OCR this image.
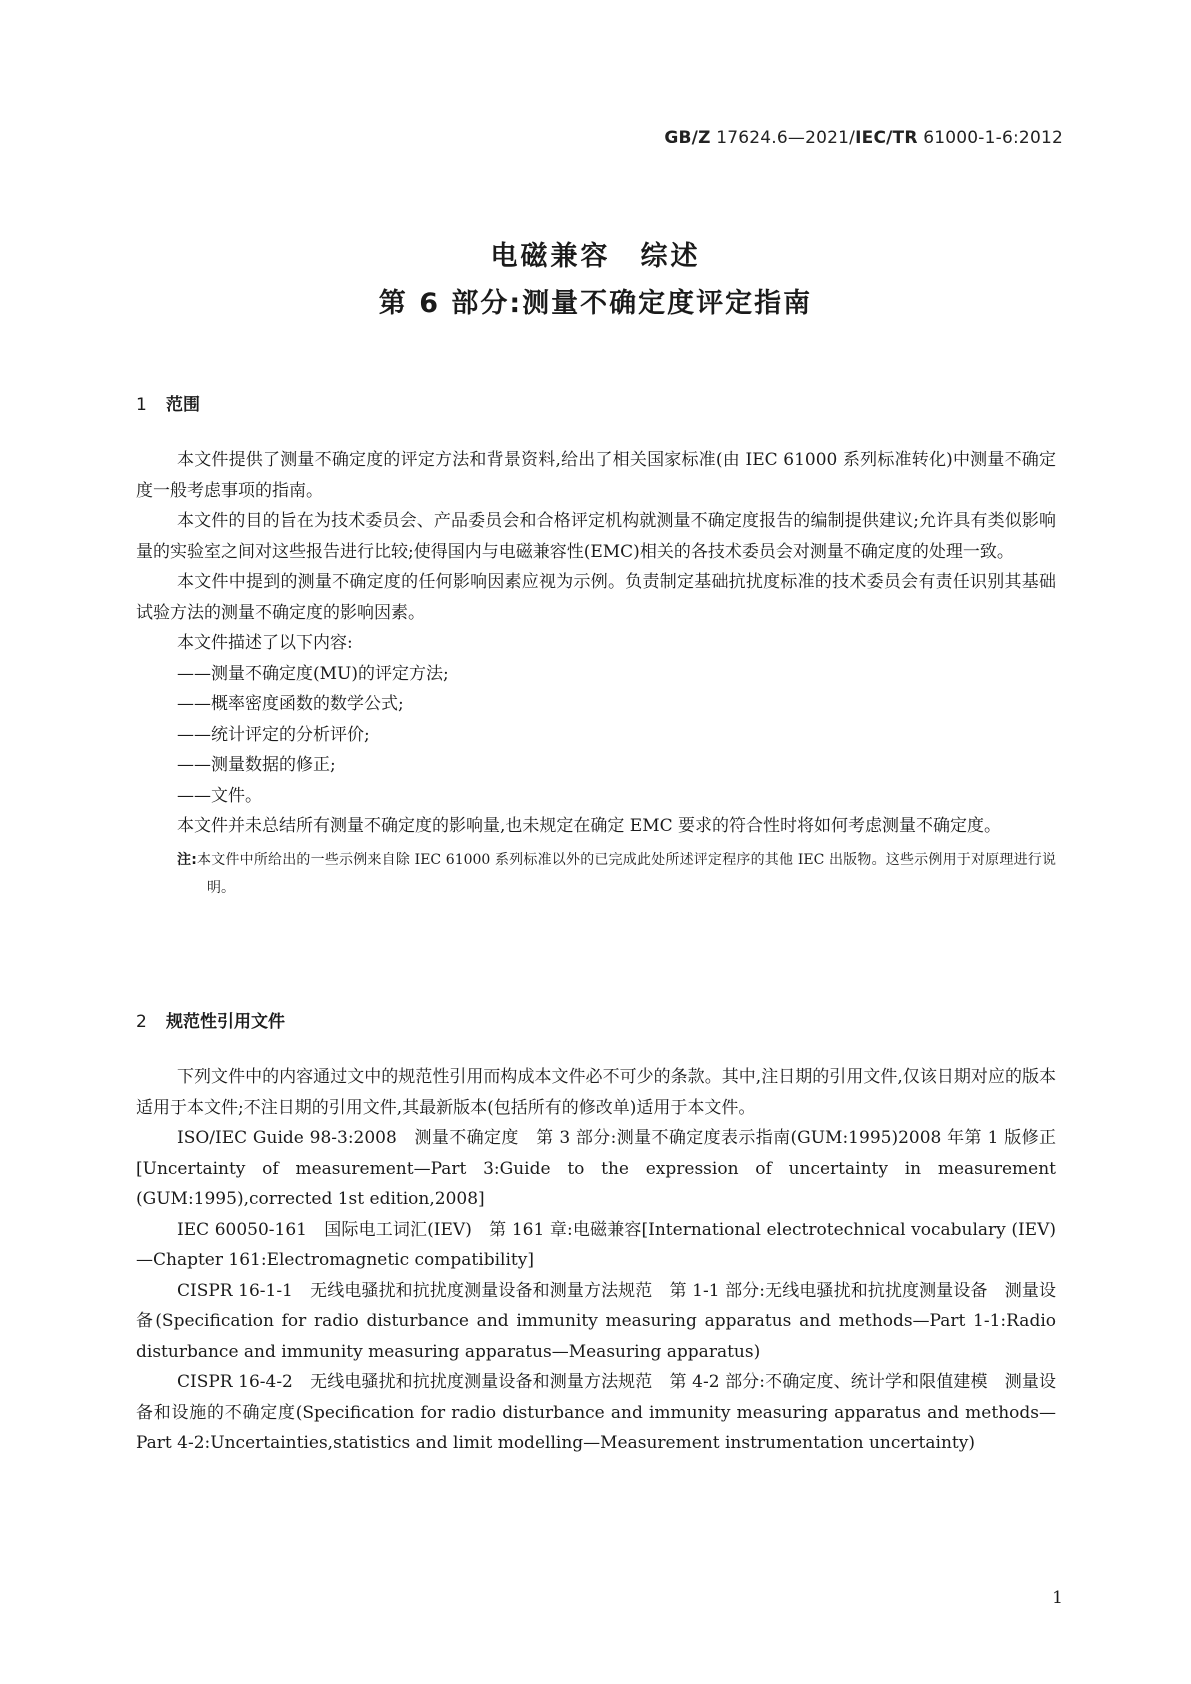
GB/Z 17624.6—2021/IEC/TR 61000-1-6:2012
电磁兼容　综述
第 6 部分:测量不确定度评定指南
1 范围

本文件提供了测量不确定度的评定方法和背景资料,给出了相关国家标准(由 IEC 61000 系列标准转化)中测量不确定度一般考虑事项的指南。

本文件的目的旨在为技术委员会、产品委员会和合格评定机构就测量不确定度报告的编制提供建议;允许具有类似影响量的实验室之间对这些报告进行比较;使得国内与电磁兼容性(EMC)相关的各技术委员会对测量不确定度的处理一致。

本文件中提到的测量不确定度的任何影响因素应视为示例。负责制定基础抗扰度标准的技术委员会有责任识别其基础试验方法的测量不确定度的影响因素。

本文件描述了以下内容:

——测量不确定度(MU)的评定方法;

——概率密度函数的数学公式;

——统计评定的分析评价;

——测量数据的修正;

——文件。

本文件并未总结所有测量不确定度的影响量,也未规定在确定 EMC 要求的符合性时将如何考虑测量不确定度。

注:本文件中所给出的一些示例来自除 IEC 61000 系列标准以外的已完成此处所述评定程序的其他 IEC 出版物。这些示例用于对原理进行说明。

2 规范性引用文件

下列文件中的内容通过文中的规范性引用而构成本文件必不可少的条款。其中,注日期的引用文件,仅该日期对应的版本适用于本文件;不注日期的引用文件,其最新版本(包括所有的修改单)适用于本文件。

ISO/IEC Guide 98-3:2008　测量不确定度　第 3 部分:测量不确定度表示指南(GUM:1995)2008 年第 1 版修正[Uncertainty of measurement—Part 3:Guide to the expression of uncertainty in measurement (GUM:1995),corrected 1st edition,2008]

IEC 60050-161　国际电工词汇(IEV)　第 161 章:电磁兼容[International electrotechnical vocabulary (IEV)—Chapter 161:Electromagnetic compatibility]

CISPR 16-1-1　无线电骚扰和抗扰度测量设备和测量方法规范　第 1-1 部分:无线电骚扰和抗扰度测量设备　测量设备(Specification for radio disturbance and immunity measuring apparatus and methods—Part 1-1:Radio disturbance and immunity measuring apparatus—Measuring apparatus)

CISPR 16-4-2　无线电骚扰和抗扰度测量设备和测量方法规范　第 4-2 部分:不确定度、统计学和限值建模　测量设备和设施的不确定度(Specification for radio disturbance and immunity measuring apparatus and methods—Part 4-2:Uncertainties,statistics and limit modelling—Measurement instrumentation uncertainty)

1
